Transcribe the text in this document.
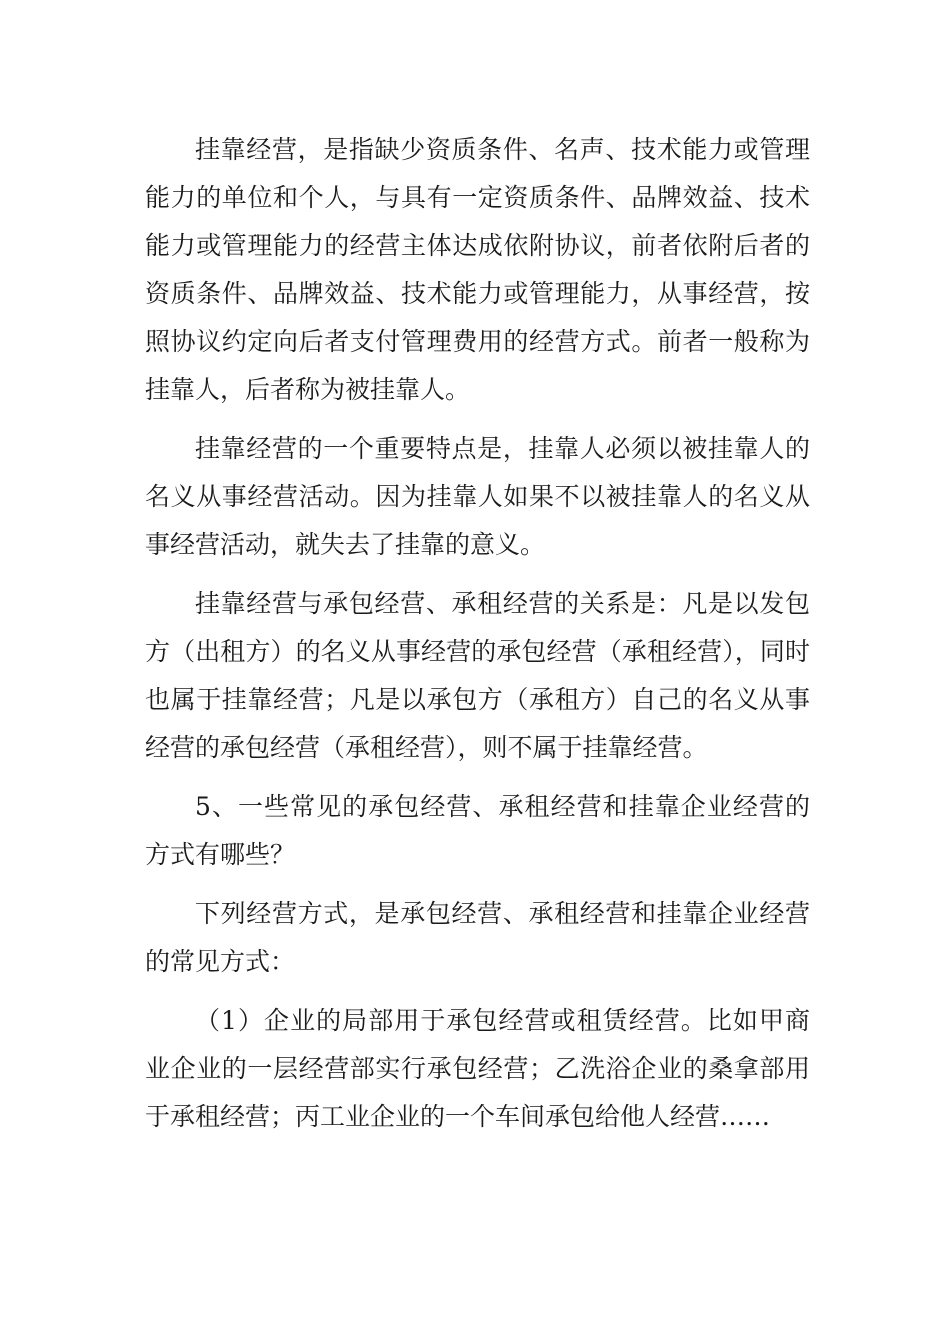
挂靠经营，是指缺少资质条件、名声、技术能力或管理能力的单位和个人，与具有一定资质条件、品牌效益、技术能力或管理能力的经营主体达成依附协议，前者依附后者的资质条件、品牌效益、技术能力或管理能力，从事经营，按照协议约定向后者支付管理费用的经营方式。前者一般称为挂靠人，后者称为被挂靠人。

挂靠经营的一个重要特点是，挂靠人必须以被挂靠人的名义从事经营活动。因为挂靠人如果不以被挂靠人的名义从事经营活动，就失去了挂靠的意义。

挂靠经营与承包经营、承租经营的关系是：凡是以发包方（出租方）的名义从事经营的承包经营（承租经营），同时也属于挂靠经营；凡是以承包方（承租方）自己的名义从事经营的承包经营（承租经营），则不属于挂靠经营。

5、一些常见的承包经营、承租经营和挂靠企业经营的方式有哪些？

下列经营方式，是承包经营、承租经营和挂靠企业经营的常见方式：

（1）企业的局部用于承包经营或租赁经营。比如甲商业企业的一层经营部实行承包经营；乙洗浴企业的桑拿部用于承租经营；丙工业企业的一个车间承包给他人经营……
